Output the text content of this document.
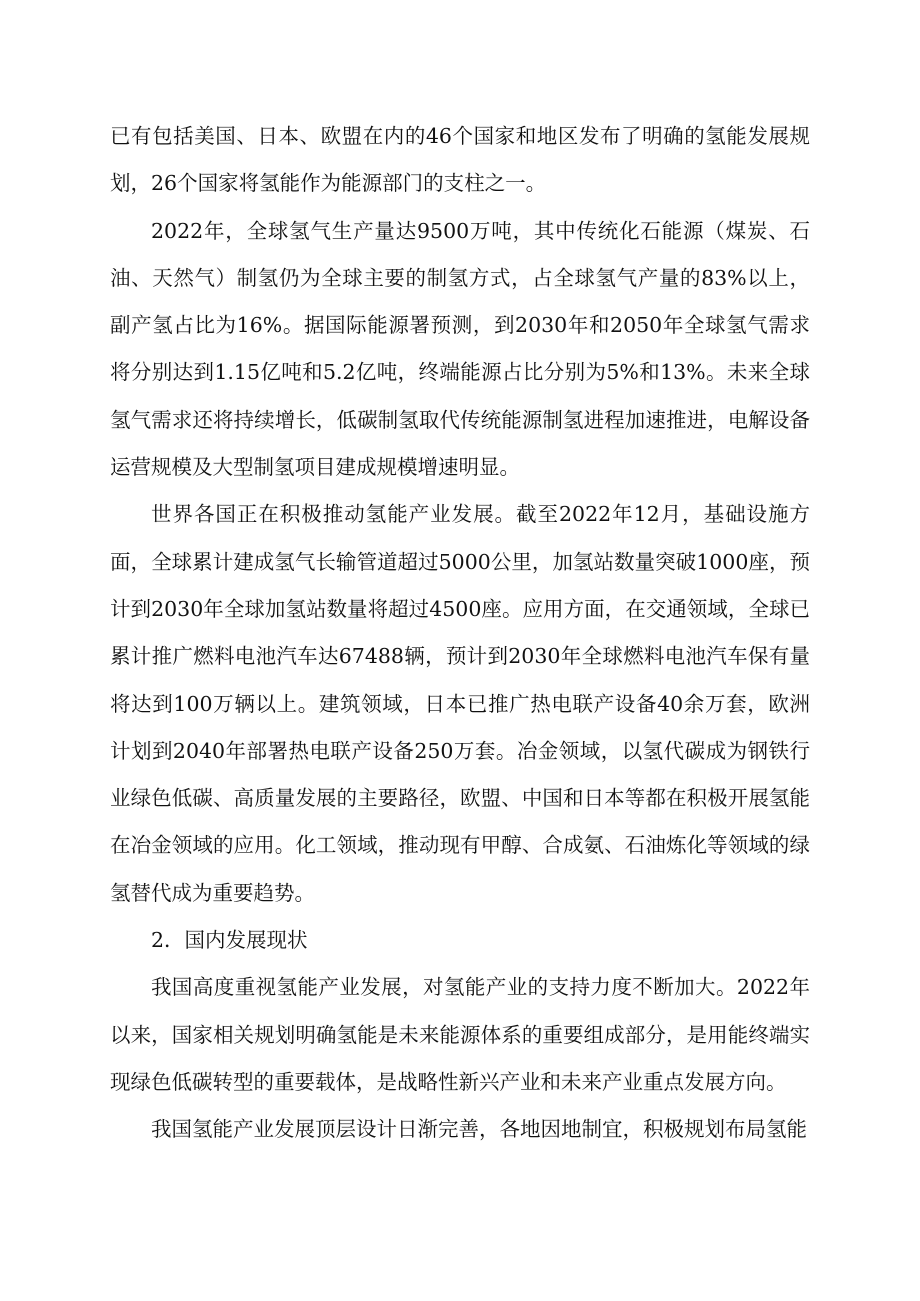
已有包括美国、日本、欧盟在内的46个国家和地区发布了明确的氢能发展规划，26个国家将氢能作为能源部门的支柱之一。

2022年，全球氢气生产量达9500万吨，其中传统化石能源（煤炭、石油、天然气）制氢仍为全球主要的制氢方式，占全球氢气产量的83%以上，副产氢占比为16%。据国际能源署预测，到2030年和2050年全球氢气需求将分别达到1.15亿吨和5.2亿吨，终端能源占比分别为5%和13%。未来全球氢气需求还将持续增长，低碳制氢取代传统能源制氢进程加速推进，电解设备运营规模及大型制氢项目建成规模增速明显。

世界各国正在积极推动氢能产业发展。截至2022年12月，基础设施方面，全球累计建成氢气长输管道超过5000公里，加氢站数量突破1000座，预计到2030年全球加氢站数量将超过4500座。应用方面，在交通领域，全球已累计推广燃料电池汽车达67488辆，预计到2030年全球燃料电池汽车保有量将达到100万辆以上。建筑领域，日本已推广热电联产设备40余万套，欧洲计划到2040年部署热电联产设备250万套。冶金领域，以氢代碳成为钢铁行业绿色低碳、高质量发展的主要路径，欧盟、中国和日本等都在积极开展氢能在冶金领域的应用。化工领域，推动现有甲醇、合成氨、石油炼化等领域的绿氢替代成为重要趋势。

2．国内发展现状

我国高度重视氢能产业发展，对氢能产业的支持力度不断加大。2022年以来，国家相关规划明确氢能是未来能源体系的重要组成部分，是用能终端实现绿色低碳转型的重要载体，是战略性新兴产业和未来产业重点发展方向。

我国氢能产业发展顶层设计日渐完善，各地因地制宜，积极规划布局氢能
